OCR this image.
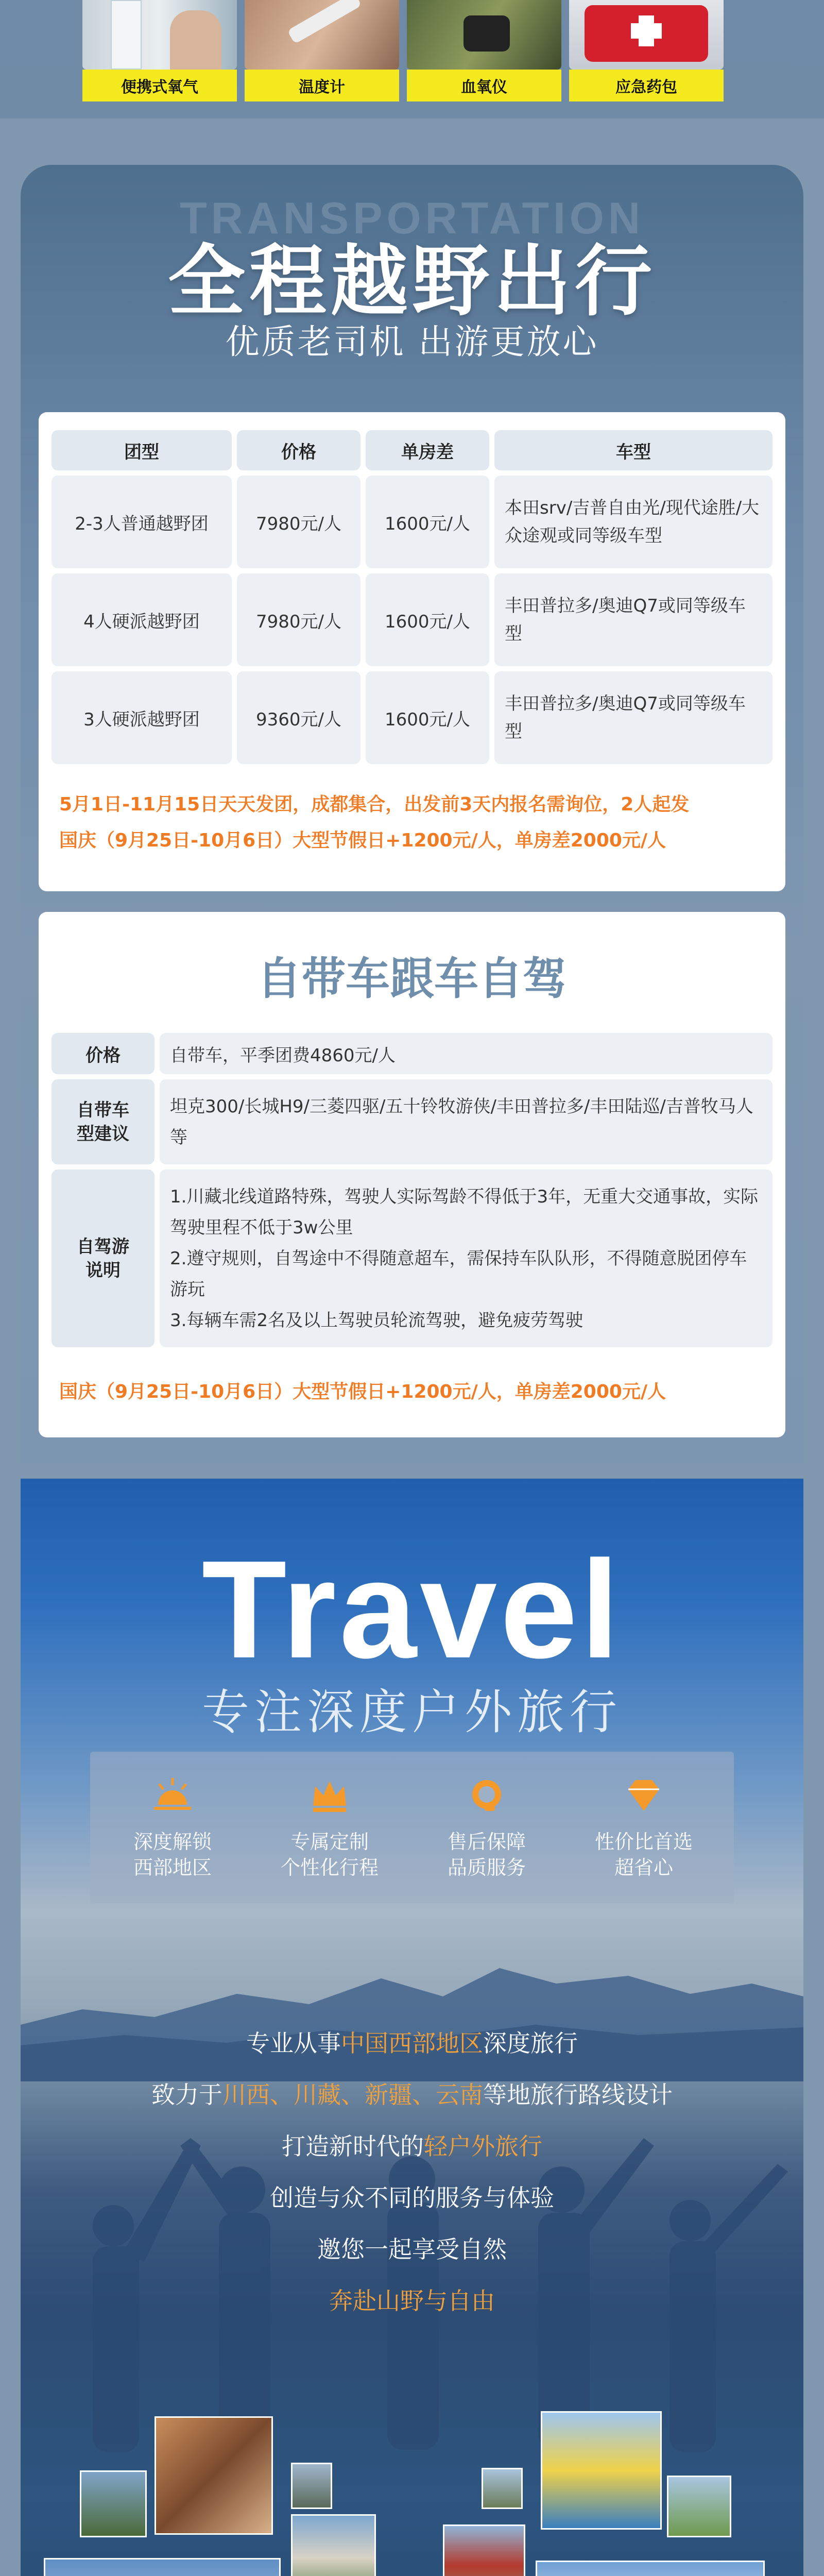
便携式氧气	温度计	血氧仪	应急药包
TRANSPORTATION
全程越野出行
优质老司机 出游更放心
团型	价格	单房差	车型
2-3人普通越野团	7980元/人	1600元/人	本田srv/吉普自由光/现代途胜/大众途观或同等级车型
4人硬派越野团	7980元/人	1600元/人	丰田普拉多/奥迪Q7或同等级车型
3人硬派越野团	9360元/人	1600元/人	丰田普拉多/奥迪Q7或同等级车型
5月1日-11月15日天天发团，成都集合，出发前3天内报名需询位，2人起发
国庆（9月25日-10月6日）大型节假日+1200元/人，单房差2000元/人
自带车跟车自驾
价格	自带车，平季团费4860元/人
自带车型建议	坦克300/长城H9/三菱四驱/五十铃牧游侠/丰田普拉多/丰田陆巡/吉普牧马人等
自驾游说明	1.川藏北线道路特殊，驾驶人实际驾龄不得低于3年，无重大交通事故，实际驾驶里程不低于3w公里
2.遵守规则，自驾途中不得随意超车，需保持车队队形，不得随意脱团停车游玩
3.每辆车需2名及以上驾驶员轮流驾驶，避免疲劳驾驶
国庆（9月25日-10月6日）大型节假日+1200元/人，单房差2000元/人
Travel
专注深度户外旅行
深度解锁
西部地区
专属定制
个性化行程
售后保障
品质服务
性价比首选
超省心
专业从事中国西部地区深度旅行
致力于川西、川藏、新疆、云南等地旅行路线设计
打造新时代的轻户外旅行
创造与众不同的服务与体验
邀您一起享受自然
奔赴山野与自由
